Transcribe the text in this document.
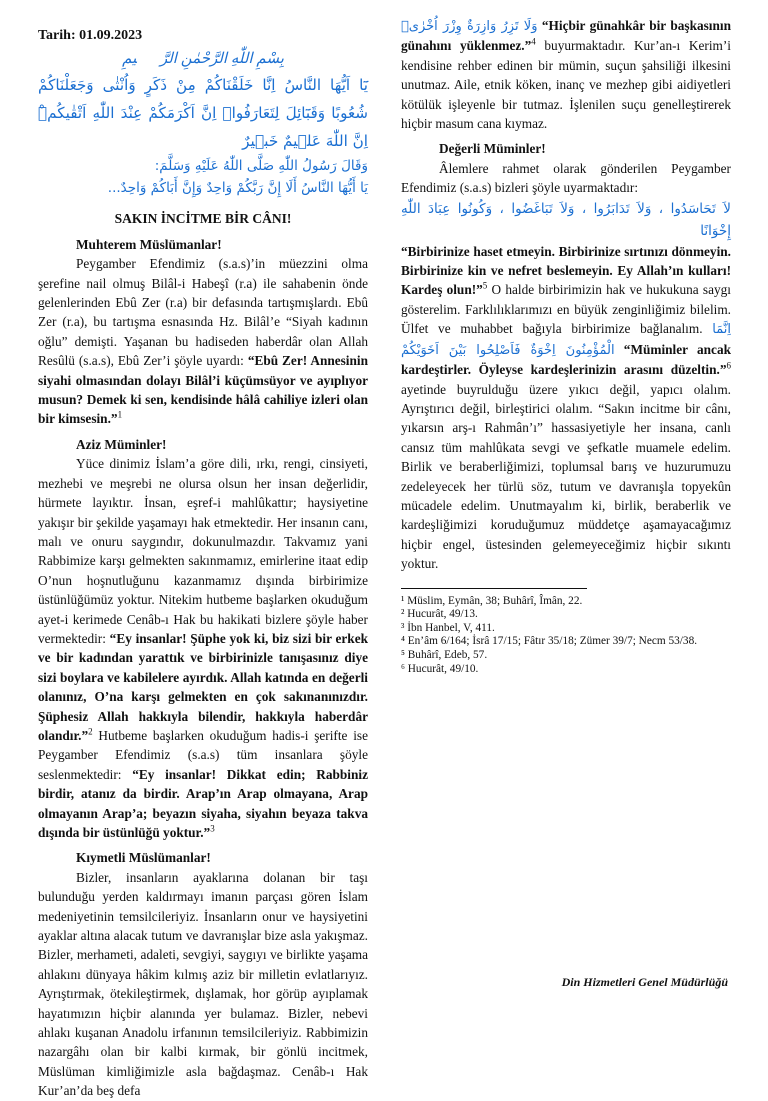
Tarih: 01.09.2023
بِسْمِ اللّٰهِ الرَّحْمٰنِ الرَّح۪يمِ
يَٓا اَيُّهَا النَّاسُ اِنَّا خَلَقْنَاكُمْ مِنْ ذَكَرٍ وَاُنْثٰى وَجَعَلْنَاكُمْ شُعُوبًا وَقَبَٓائِلَ لِتَعَارَفُواۜ اِنَّ اَكْرَمَكُمْ عِنْدَ اللّٰهِ اَتْقٰيكُمْۜ اِنَّ اللّٰهَ عَل۪يمٌ خَب۪يرٌ
وَقَالَ رَسُولُ اللّٰهِ صَلَّى اللّٰهُ عَلَيْهِ وَسَلَّمَ:
يَا أَيُّهَا النَّاسُ أَلَا إِنَّ رَبَّكُمْ وَاحِدٌ وَإِنَّ أَبَاكُمْ وَاحِدٌ...
SAKIN İNCİTME BİR CÂNI!
Muhterem Müslümanlar!

Peygamber Efendimiz (s.a.s)’in müezzini olma şerefine nail olmuş Bilâl-i Habeşî (r.a) ile sahabenin önde gelenlerinden Ebû Zer (r.a) bir defasında tartışmışlardı. Ebû Zer (r.a), bu tartışma esnasında Hz. Bilâl’e “Siyah kadının oğlu” demişti. Yaşanan bu hadiseden haberdâr olan Allah Resûlü (s.a.s), Ebû Zer’i şöyle uyardı: “Ebû Zer! Annesinin siyahi olmasından dolayı Bilâl’i küçümsüyor ve ayıplıyor musun? Demek ki sen, kendisinde hâlâ cahiliye izleri olan bir kimsesin.”$^1$

Aziz Müminler!

Yüce dinimiz İslam’a göre dili, ırkı, rengi, cinsiyeti, mezhebi ve meşrebi ne olursa olsun her insan değerlidir, hürmete layıktır. İnsan, eşref-i mahlûkattır; haysiyetine yakışır bir şekilde yaşamayı hak etmektedir. Her insanın canı, malı ve onuru saygındır, dokunulmazdır. Takvamız yani Rabbimize karşı gelmekten sakınmamız, emirlerine itaat edip O’nun hoşnutluğunu kazanmamız dışında birbirimize üstünlüğümüz yoktur. Nitekim hutbeme başlarken okuduğum ayet-i kerimede Cenâb-ı Hak bu hakikati bizlere şöyle haber vermektedir: “Ey insanlar! Şüphe yok ki, biz sizi bir erkek ve bir kadından yarattık ve birbirinizle tanışasınız diye sizi boylara ve kabilelere ayırdık. Allah katında en değerli olanınız, O’na karşı gelmekten en çok sakınanınızdır. Şüphesiz Allah hakkıyla bilendir, hakkıyla haberdâr olandır.”$^2$ Hutbeme başlarken okuduğum hadis-i şerifte ise Peygamber Efendimiz (s.a.s) tüm insanlara şöyle seslenmektedir: “Ey insanlar! Dikkat edin; Rabbiniz birdir, atanız da birdir. Arap’ın Arap olmayana, Arap olmayanın Arap’a; beyazın siyaha, siyahın beyaza takva dışında bir üstünlüğü yoktur.”$^3$

Kıymetli Müslümanlar!

Bizler, insanların ayaklarına dolanan bir taşı bulunduğu yerden kaldırmayı imanın parçası gören İslam medeniyetinin temsilcileriyiz. İnsanların onur ve haysiyetini ayaklar altına alacak tutum ve davranışlar bize asla yakışmaz. Bizler, merhameti, adaleti, sevgiyi, saygıyı ve birlikte yaşama ahlakını dünyaya hâkim kılmış aziz bir milletin evlatlarıyız. Ayrıştırmak, ötekileştirmek, dışlamak, hor görüp ayıplamak hayatımızın hiçbir alanında yer bulamaz. Bizler, nebevi ahlakı kuşanan Anadolu irfanının temsilcileriyiz. Rabbimizin nazargâhı olan bir kalbi kırmak, bir gönlü incitmek, Müslüman kimliğimizle asla bağdaşmaz. Cenâb-ı Hak Kur’an’da beş defa

وَلَا تَزِرُ وَازِرَةٌ وِزْرَ اُخْرٰىۚ “Hiçbir günahkâr bir başkasının günahını yüklenmez.”$^4$ buyurmaktadır. Kur’an-ı Kerim’i kendisine rehber edinen bir mümin, suçun şahsiliği ilkesini unutmaz. Aile, etnik köken, inanç ve mezhep gibi aidiyetleri kötülük işleyenle bir tutmaz. İşlenilen suçu genelleştirerek hiçbir masum cana kıymaz.

Değerli Müminler!

Âlemlere rahmet olarak gönderilen Peygamber Efendimiz (s.a.s) bizleri şöyle uyarmaktadır:

لاَ تَحَاسَدُوا ، وَلاَ تَدَابَرُوا ، وَلاَ تَبَاغَضُوا ، وَكُونُوا عِبَادَ اللّٰهِ إِخْوَانًا

“Birbirinize haset etmeyin. Birbirinize sırtınızı dönmeyin. Birbirinize kin ve nefret beslemeyin. Ey Allah’ın kulları! Kardeş olun!”$^5$ O halde birbirimizin hak ve hukukuna saygı gösterelim. Farklılıklarımızı en büyük zenginliğimiz bilelim. Ülfet ve muhabbet bağıyla birbirimize bağlanalım. اِنَّمَا الْمُؤْمِنُونَ اِخْوَةٌ فَاَصْلِحُوا بَيْنَ اَخَوَيْكُمْ “Müminler ancak kardeştirler. Öyleyse kardeşlerinizin arasını düzeltin.”$^6$ ayetinde buyrulduğu üzere yıkıcı değil, yapıcı olalım. Ayrıştırıcı değil, birleştirici olalım. “Sakın incitme bir cânı, yıkarsın arş-ı Rahmân’ı” hassasiyetiyle her insana, canlı cansız tüm mahlûkata sevgi ve şefkatle muamele edelim. Birlik ve beraberliğimizi, toplumsal barış ve huzurumuzu zedeleyecek her türlü söz, tutum ve davranışla topyekûn mücadele edelim. Unutmayalım ki, birlik, beraberlik ve kardeşliğimizi koruduğumuz müddetçe aşamayacağımız hiçbir engel, üstesinden gelemeyeceğimiz hiçbir sıkıntı yoktur.

¹ Müslim, Eymân, 38; Buhârî, Îmân, 22.
² Hucurât, 49/13.
³ İbn Hanbel, V, 411.
⁴ En’âm 6/164; İsrâ 17/15; Fâtır 35/18; Zümer 39/7; Necm 53/38.
⁵ Buhârî, Edeb, 57.
⁶ Hucurât, 49/10.
Din Hizmetleri Genel Müdürlüğü
